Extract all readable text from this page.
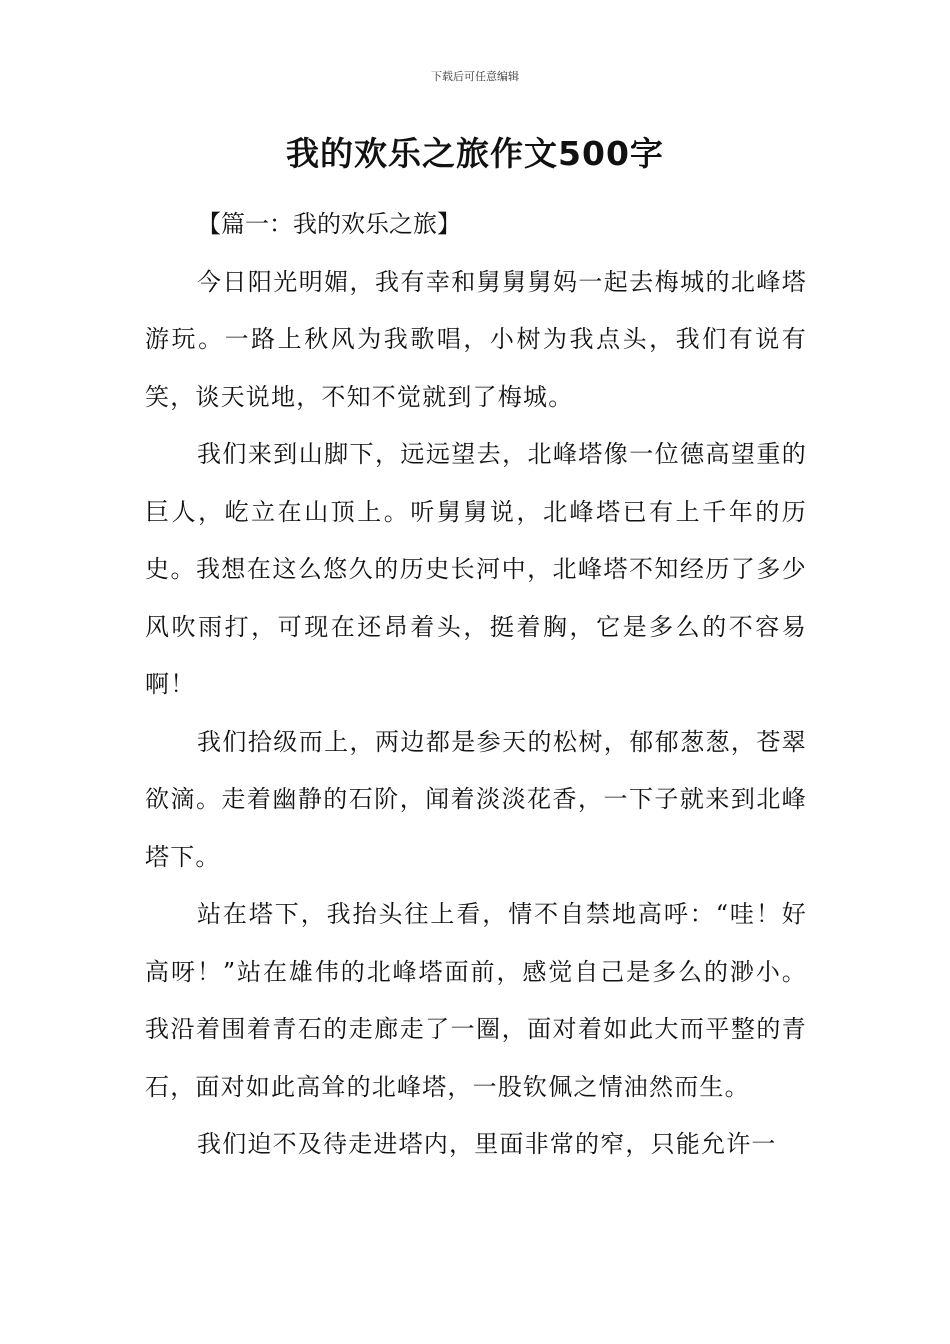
下载后可任意编辑
我的欢乐之旅作文500字

【篇一：我的欢乐之旅】

今日阳光明媚，我有幸和舅舅舅妈一起去梅城的北峰塔游玩。一路上秋风为我歌唱，小树为我点头，我们有说有笑，谈天说地，不知不觉就到了梅城。

我们来到山脚下，远远望去，北峰塔像一位德高望重的巨人，屹立在山顶上。听舅舅说，北峰塔已有上千年的历史。我想在这么悠久的历史长河中，北峰塔不知经历了多少风吹雨打，可现在还昂着头，挺着胸，它是多么的不容易啊！

我们拾级而上，两边都是参天的松树，郁郁葱葱，苍翠欲滴。走着幽静的石阶，闻着淡淡花香，一下子就来到北峰塔下。

站在塔下，我抬头往上看，情不自禁地高呼：“哇！好高呀！”站在雄伟的北峰塔面前，感觉自己是多么的渺小。我沿着围着青石的走廊走了一圈，面对着如此大而平整的青石，面对如此高耸的北峰塔，一股钦佩之情油然而生。

我们迫不及待走进塔内，里面非常的窄，只能允许一
